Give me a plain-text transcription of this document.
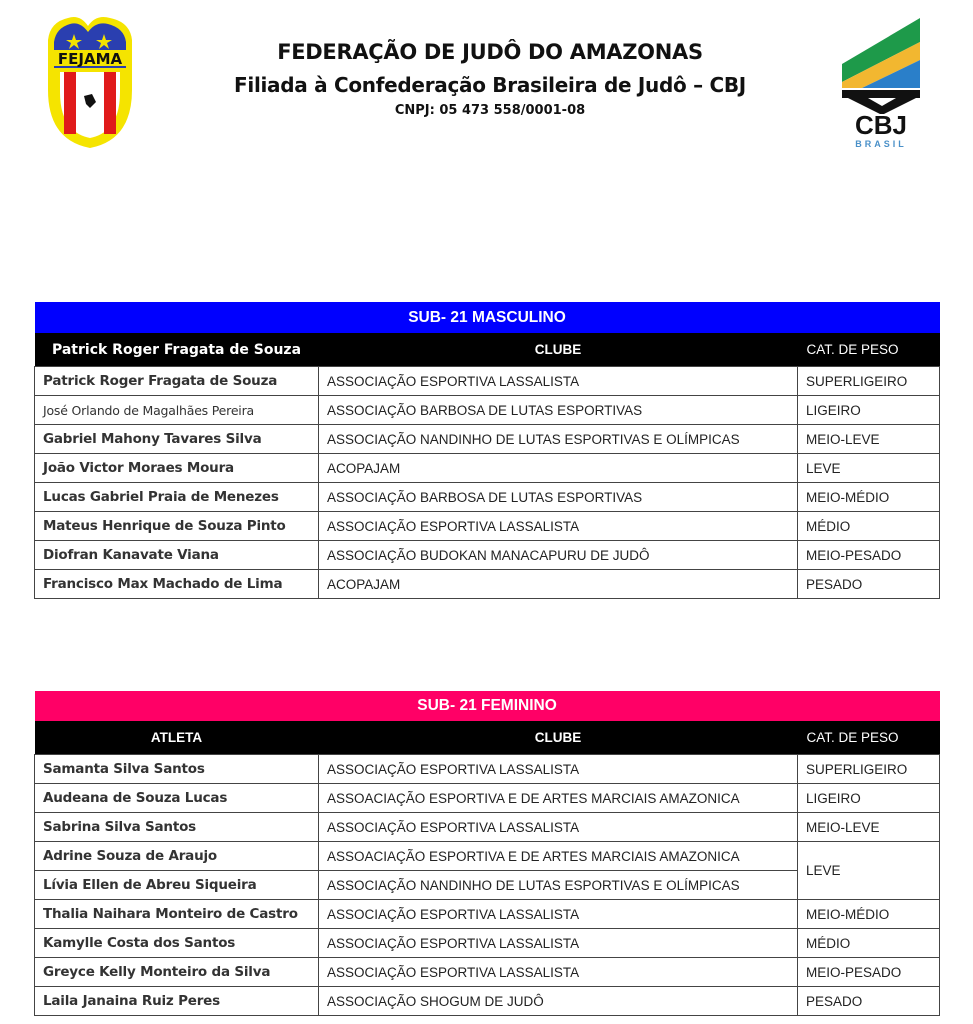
FEJAMA	FEDERAÇÃO DE JUDÔ DO AMAZONAS
Filiada à Confederação Brasileira de Judô – CBJ
CNPJ: 05 473 558/0001-08	CBJ
BRASIL
SUB- 21 MASCULINO		
Patrick Roger Fragata de Souza	CLUBE	CAT. DE PESO
Patrick Roger Fragata de Souza	ASSOCIAÇÃO ESPORTIVA LASSALISTA	SUPERLIGEIRO
José Orlando de Magalhães Pereira	ASSOCIAÇÃO BARBOSA DE LUTAS ESPORTIVAS	LIGEIRO
Gabriel Mahony Tavares Silva	ASSOCIAÇÃO NANDINHO DE LUTAS ESPORTIVAS E OLÍMPICAS	MEIO-LEVE
João Victor Moraes Moura	ACOPAJAM	LEVE
Lucas Gabriel Praia de Menezes	ASSOCIAÇÃO BARBOSA DE LUTAS ESPORTIVAS	MEIO-MÉDIO
Mateus Henrique de Souza Pinto	ASSOCIAÇÃO ESPORTIVA LASSALISTA	MÉDIO
Diofran Kanavate Viana	ASSOCIAÇÃO BUDOKAN MANACAPURU DE JUDÔ	MEIO-PESADO
Francisco Max Machado de Lima	ACOPAJAM	PESADO
SUB- 21 FEMININO		
ATLETA	CLUBE	CAT. DE PESO
Samanta Silva Santos	ASSOCIAÇÃO ESPORTIVA LASSALISTA	SUPERLIGEIRO
Audeana de Souza Lucas	ASSOACIAÇÃO ESPORTIVA E DE ARTES MARCIAIS AMAZONICA	LIGEIRO
Sabrina Silva Santos	ASSOCIAÇÃO ESPORTIVA LASSALISTA	MEIO-LEVE
Adrine Souza de Araujo	ASSOACIAÇÃO ESPORTIVA E DE ARTES MARCIAIS AMAZONICA	LEVE
Lívia Ellen de Abreu Siqueira	ASSOCIAÇÃO NANDINHO DE LUTAS ESPORTIVAS E OLÍMPICAS	
Thalia Naihara Monteiro de Castro	ASSOCIAÇÃO ESPORTIVA LASSALISTA	MEIO-MÉDIO
Kamylle Costa dos Santos	ASSOCIAÇÃO ESPORTIVA LASSALISTA	MÉDIO
Greyce Kelly Monteiro da Silva	ASSOCIAÇÃO ESPORTIVA LASSALISTA	MEIO-PESADO
Laila Janaina Ruiz Peres	ASSOCIAÇÃO SHOGUM DE JUDÔ	PESADO
